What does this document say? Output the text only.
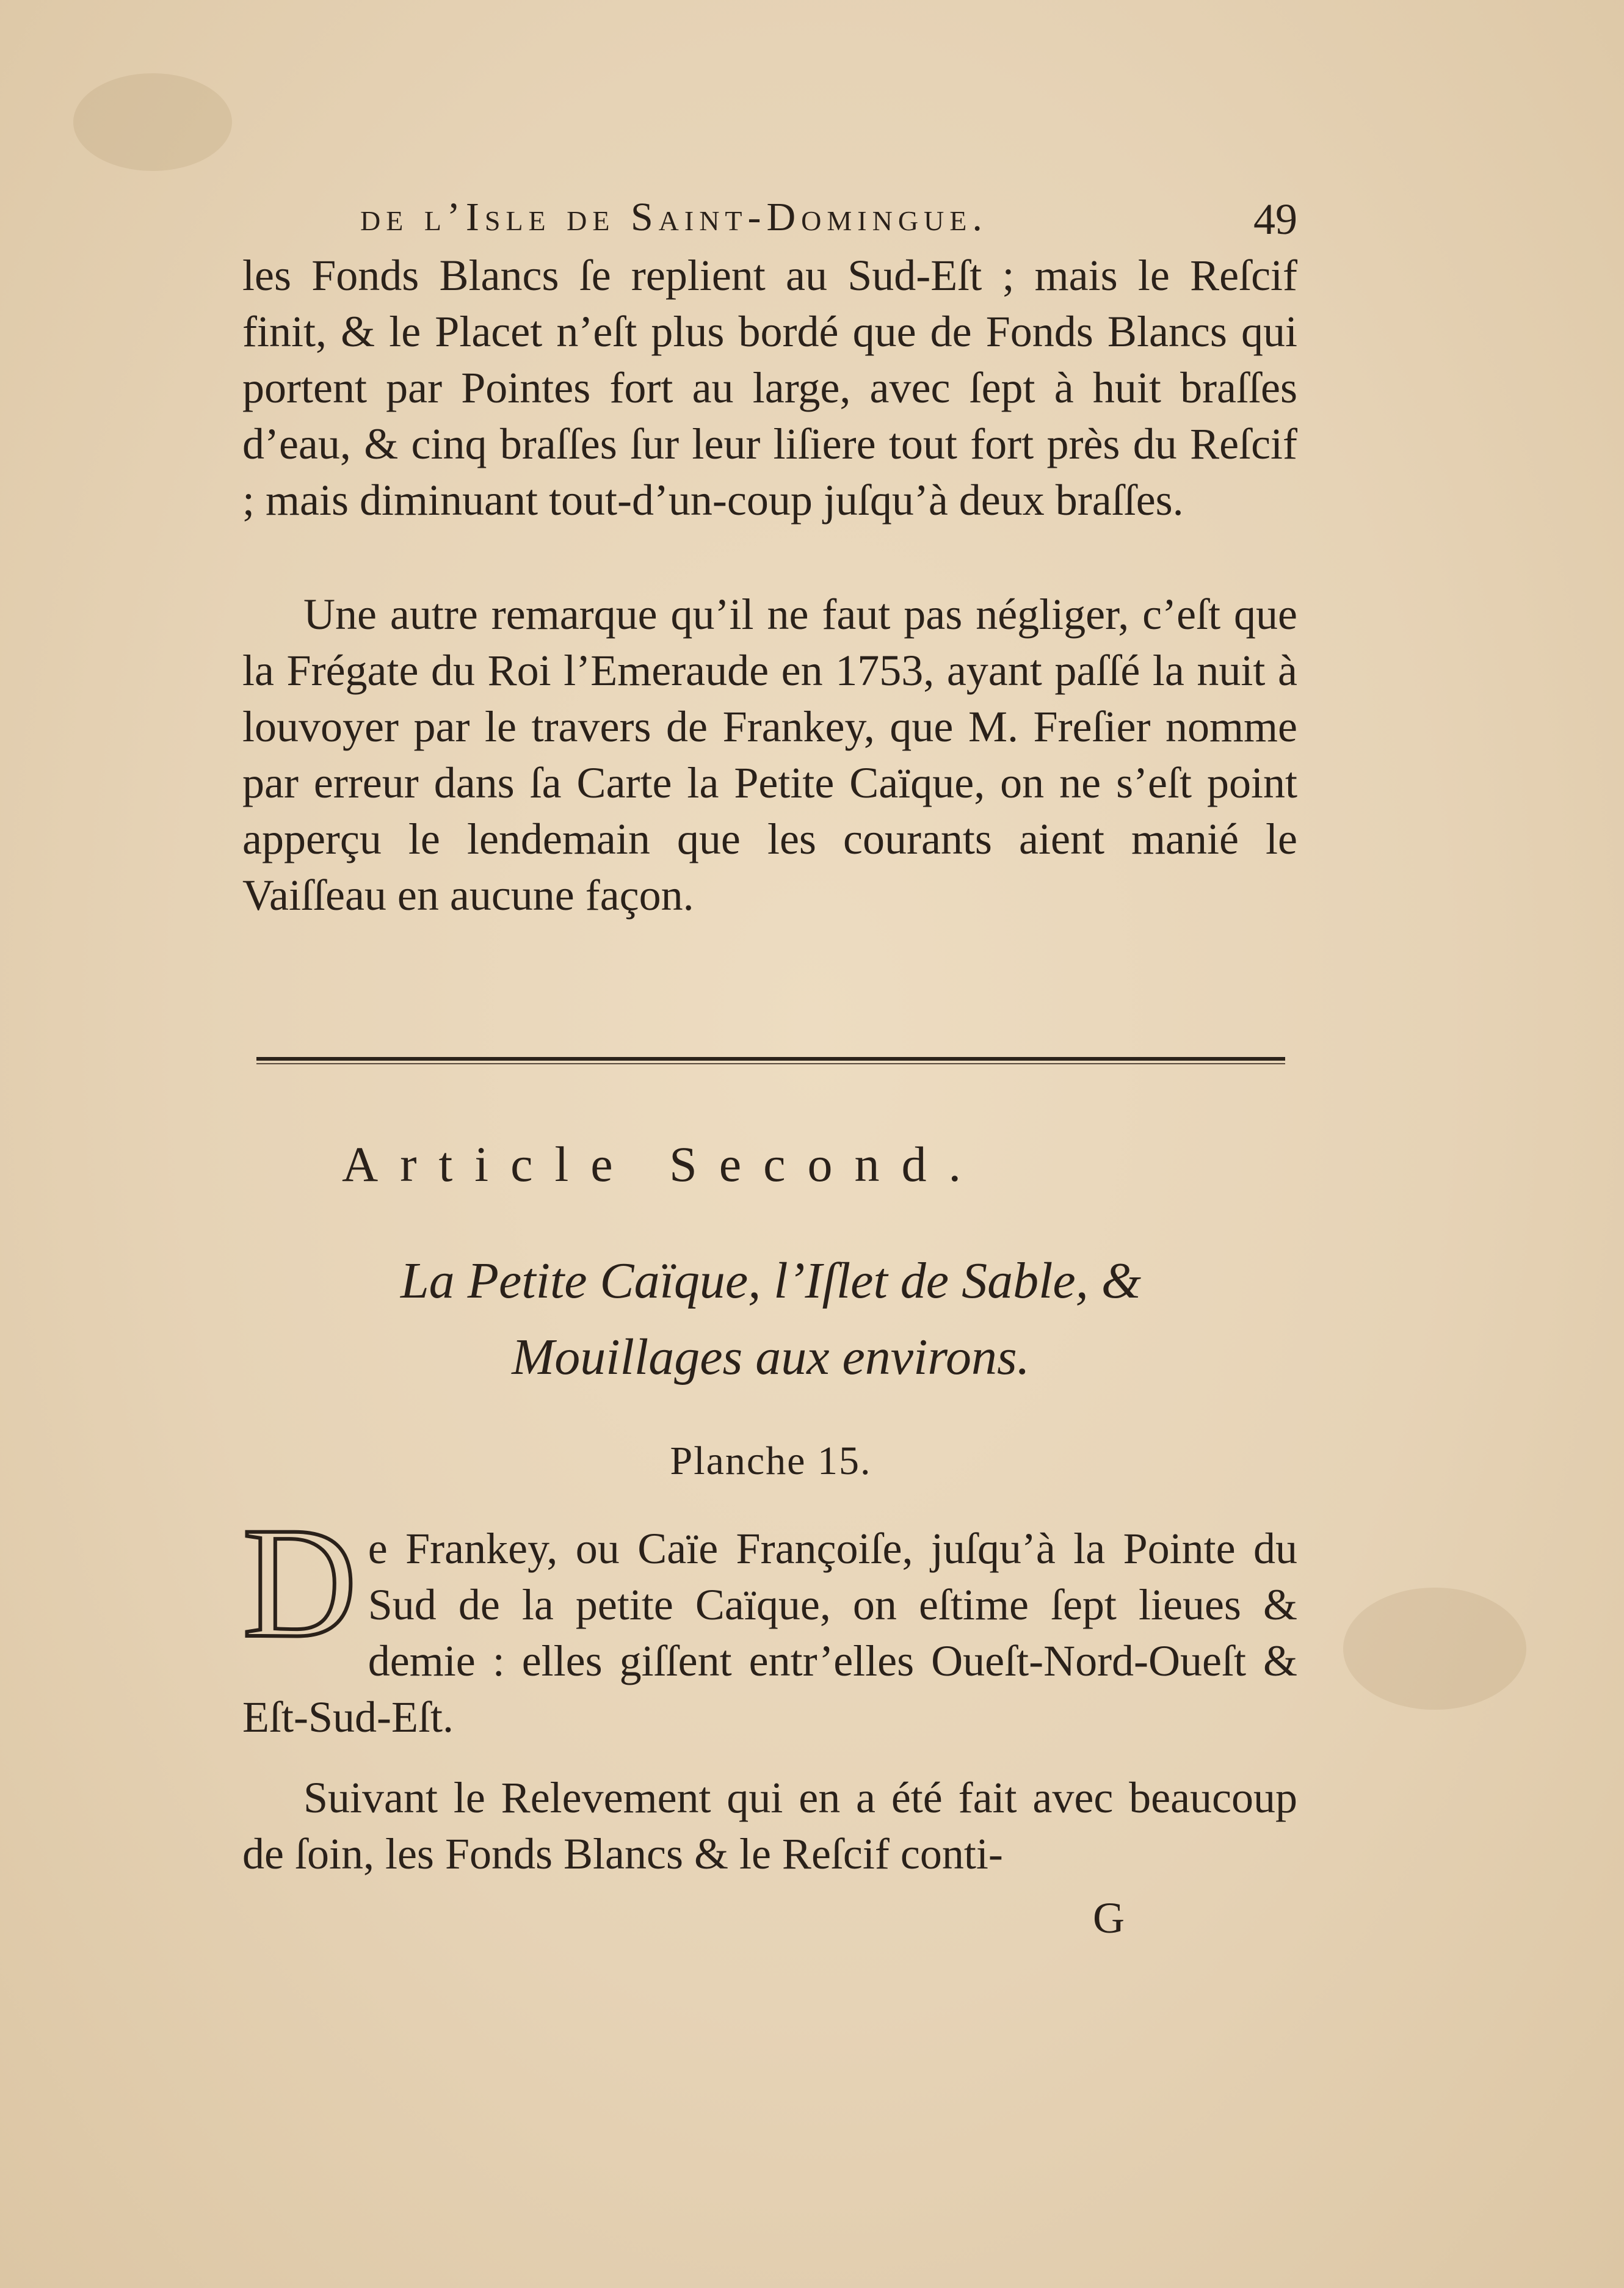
de l’Isle de Saint-Domingue.	49

les Fonds Blancs ſe replient au Sud-Eſt ; mais le Reſcif finit, & le Placet n’eſt plus bordé que de Fonds Blancs qui portent par Pointes fort au large, avec ſept à huit braſſes d’eau, & cinq braſſes ſur leur liſiere tout fort près du Reſcif ; mais diminuant tout-d’un-coup juſqu’à deux braſſes.

Une autre remarque qu’il ne faut pas négliger, c’eſt que la Frégate du Roi l’Emeraude en 1753, ayant paſſé la nuit à louvoyer par le travers de Frankey, que M. Freſier nomme par erreur dans ſa Carte la Petite Caïque, on ne s’eſt point apperçu le lendemain que les courants aient manié le Vaiſſeau en aucune façon.

Article Second.
La Petite Caïque, l’Iſlet de Sable, &
Mouillages aux environs.
Planche 15.
D e Frankey, ou Caïe Françoiſe, juſqu’à la Pointe du Sud de la petite Caïque, on eſtime ſept lieues & demie : elles giſſent entr’elles Oueſt-Nord-Oueſt & Eſt-Sud-Eſt.

Suivant le Relevement qui en a été fait avec beaucoup de ſoin, les Fonds Blancs & le Reſcif conti-

G
